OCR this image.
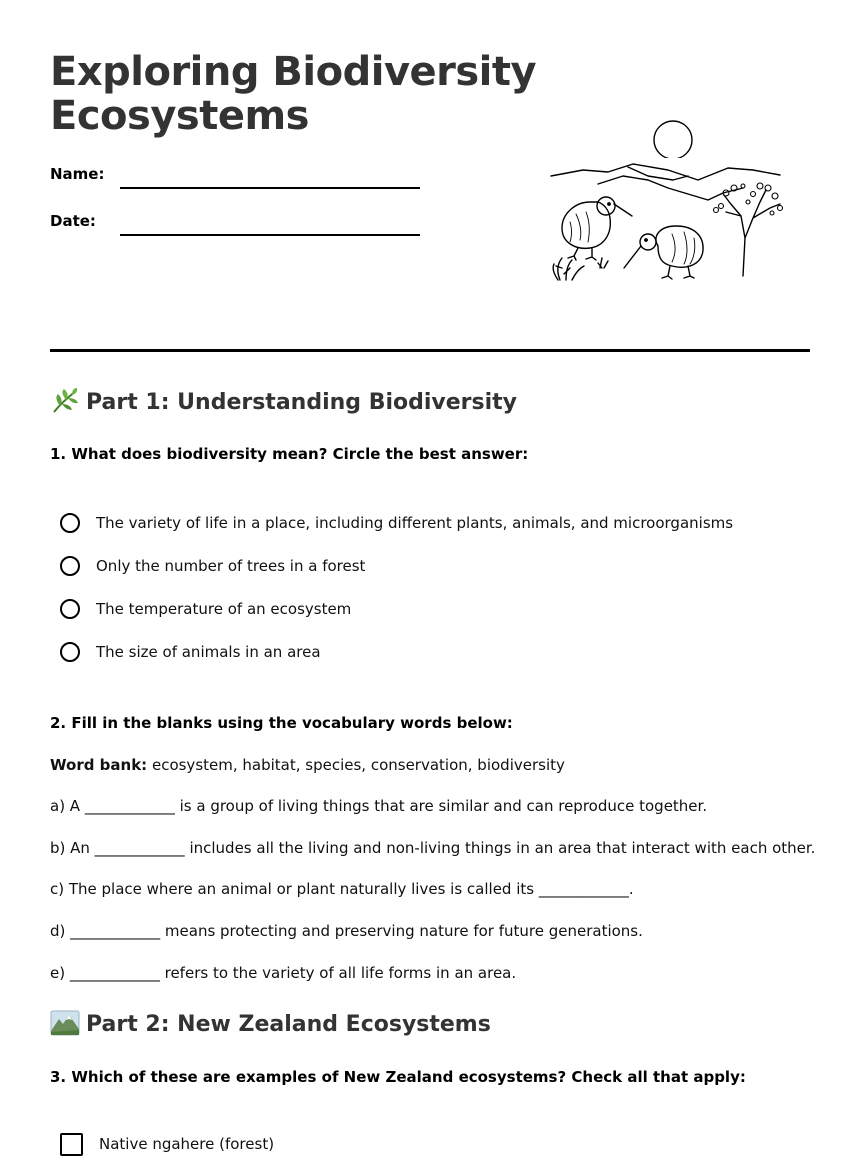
Exploring Biodiversity
Ecosystems
Name:
Date:
Part 1: Understanding Biodiversity
1. What does biodiversity mean? Circle the best answer:
The variety of life in a place, including different plants, animals, and microorganisms
Only the number of trees in a forest
The temperature of an ecosystem
The size of animals in an area
2. Fill in the blanks using the vocabulary words below:
Word bank: ecosystem, habitat, species, conservation, biodiversity
a) A ____________ is a group of living things that are similar and can reproduce together.
b) An ____________ includes all the living and non-living things in an area that interact with each other.
c) The place where an animal or plant naturally lives is called its ____________.
d) ____________ means protecting and preserving nature for future generations.
e) ____________ refers to the variety of all life forms in an area.
Part 2: New Zealand Ecosystems
3. Which of these are examples of New Zealand ecosystems? Check all that apply:
Native ngahere (forest)
